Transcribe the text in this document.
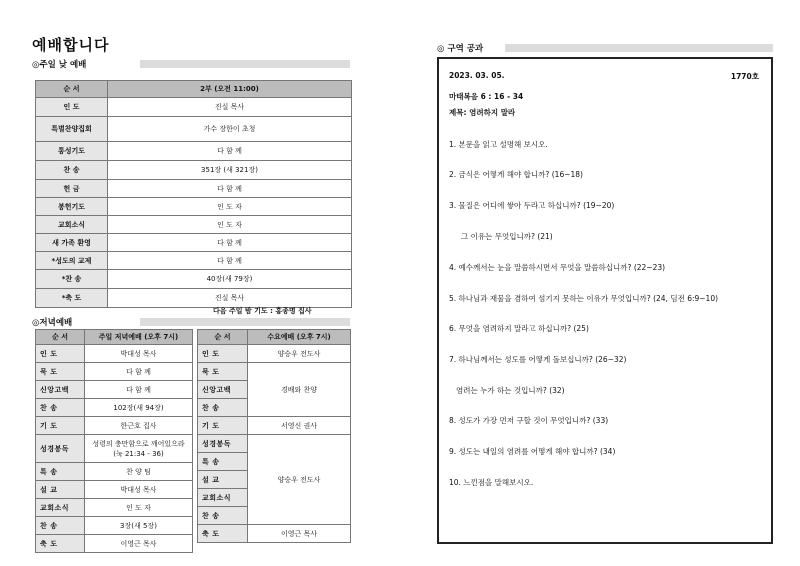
예배합니다
◎주일 낮 예배
순 서	2부 (오전 11:00)
인 도	진실 목사
특별찬양집회	가수 장한이 초청
통성기도	다 함 께
찬 송	351장 (새 321장)
헌 금	다 함 께
봉헌기도	인 도 자
교회소식	인 도 자
새 가족 환영	다 함 께
*성도의 교제	다 함 께
*찬 송	40장(새 79장)
*축 도	진실 목사
다음 주일 밤 기도 : 홍종명 집사
◎저녁예배
순 서	주일 저녁예배 (오후 7시)
인 도	박대성 목사
묵 도	다 함 께
신앙고백	다 함 께
찬 송	102장(새 94장)
기 도	한근호 집사
성경봉독	성령의 충만함으로 깨어있으라
(눅 21:34 - 36)

특 송	찬 양 팀
설 교	박대성 목사
교회소식	인 도 자
찬 송	3장(새 5장)
축 도	이영근 목사
순 서	수요예배 (오후 7시)
인 도	양승우 전도사
묵 도	경배와 찬양
신앙고백	
찬 송	
기 도	서영신 권사
성경봉독	양승우 전도사
특 송	
설 교	
교회소식	
찬 송	
축 도	이영근 목사
◎ 구역 공과
2023. 03. 05.	1770호
마태복음 6 : 16 - 34
제목: 염려하지 말라
1. 본문을 읽고 설명해 보시오.
2. 금식은 어떻게 해야 합니까? (16~18)
3. 물질은 어디에 쌓아 두라고 하십니까? (19~20)
그 이유는 무엇입니까? (21)
4. 예수께서는 눈을 말씀하시면서 무엇을 말씀하십니까? (22~23)
5. 하나님과 재물을 겸하여 섬기지 못하는 이유가 무엇입니까? (24, 딤전 6:9~10)
6. 무엇을 염려하지 말라고 하십니까? (25)
7. 하나님께서는 성도를 어떻게 돌보십니까? (26~32)
염려는 누가 하는 것입니까? (32)
8. 성도가 가장 먼저 구할 것이 무엇입니까? (33)
9. 성도는 내일의 염려를 어떻게 해야 합니까? (34)
10. 느낀점을 말해보시오.
